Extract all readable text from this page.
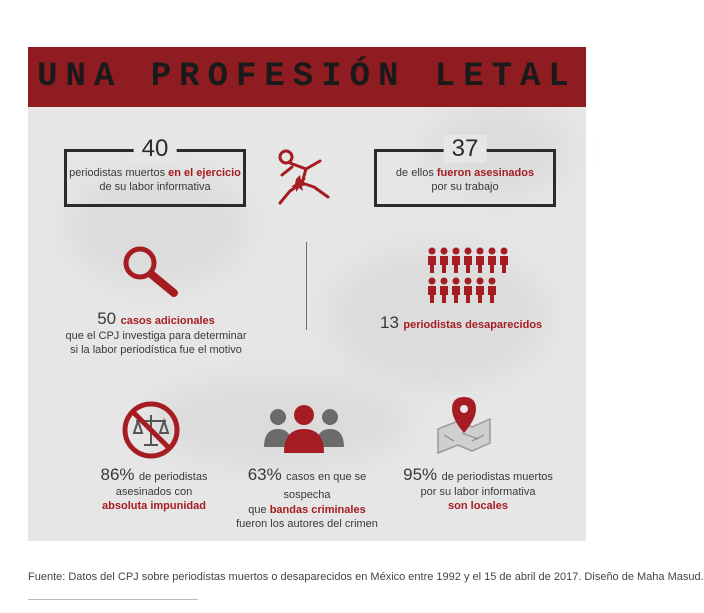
UNA PROFESIÓN LETAL
40
periodistas muertos en el ejercicio
de su labor informativa
37
de ellos fueron asesinados
por su trabajo
50 casos adicionales
que el CPJ investiga para determinar
si la labor periodística fue el motivo
13 periodistas desaparecidos
86% de periodistas
asesinados con
absoluta impunidad
63% casos en que se sospecha
que bandas criminales
fueron los autores del crimen
95% de periodistas muertos
por su labor informativa
son locales
Fuente: Datos del CPJ sobre periodistas muertos o desaparecidos en México entre 1992 y el 15 de abril de 2017. Diseño de Maha Masud.
